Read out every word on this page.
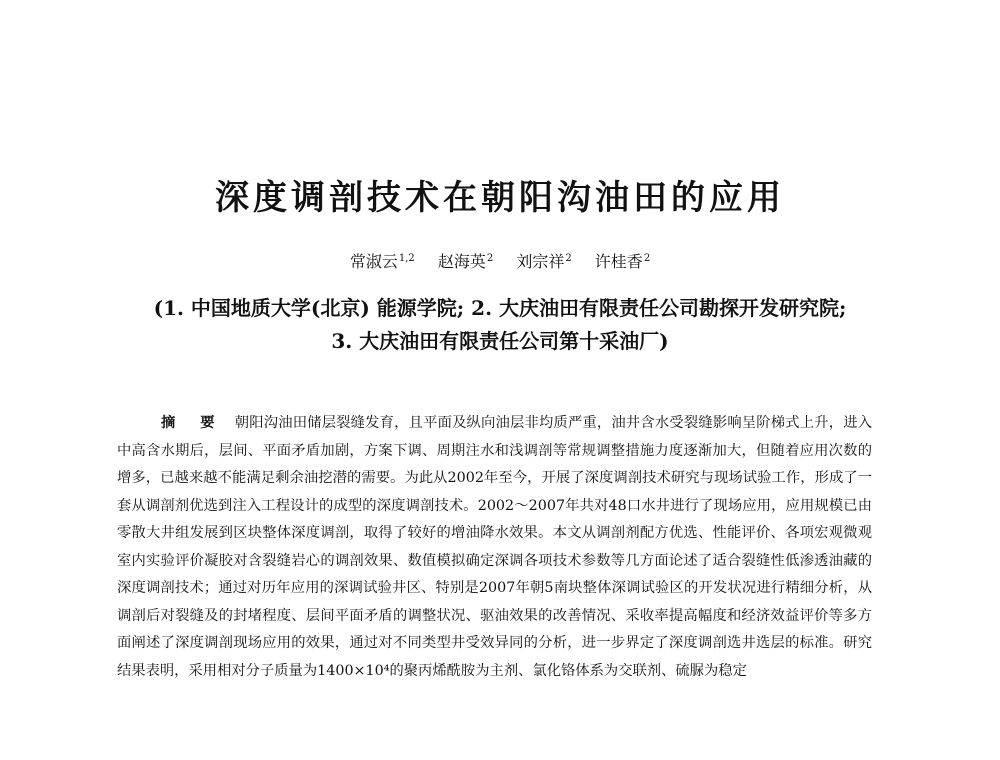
深度调剖技术在朝阳沟油田的应用
常淑云$^{1,2}$ 赵海英$^2$ 刘宗祥$^2$ 许桂香$^2$
(1. 中国地质大学(北京) 能源学院; 2. 大庆油田有限责任公司勘探开发研究院;
3. 大庆油田有限责任公司第十采油厂)
摘 要 朝阳沟油田储层裂缝发育，且平面及纵向油层非均质严重，油井含水受裂缝影响呈阶梯式上升，进入中高含水期后，层间、平面矛盾加剧，方案下调、周期注水和浅调剖等常规调整措施力度逐渐加大，但随着应用次数的增多，已越来越不能满足剩余油挖潜的需要。为此从2002年至今，开展了深度调剖技术研究与现场试验工作，形成了一套从调剖剂优选到注入工程设计的成型的深度调剖技术。2002～2007年共对48口水井进行了现场应用，应用规模已由零散大井组发展到区块整体深度调剖，取得了较好的增油降水效果。本文从调剖剂配方优选、性能评价、各项宏观微观室内实验评价凝胶对含裂缝岩心的调剖效果、数值模拟确定深调各项技术参数等几方面论述了适合裂缝性低渗透油藏的深度调剖技术；通过对历年应用的深调试验井区、特别是2007年朝5南块整体深调试验区的开发状况进行精细分析，从调剖后对裂缝及的封堵程度、层间平面矛盾的调整状况、驱油效果的改善情况、采收率提高幅度和经济效益评价等多方面阐述了深度调剖现场应用的效果，通过对不同类型井受效异同的分析，进一步界定了深度调剖选井选层的标准。研究结果表明，采用相对分子质量为1400×10⁴的聚丙烯酰胺为主剂、氯化铬体系为交联剂、硫脲为稳定
